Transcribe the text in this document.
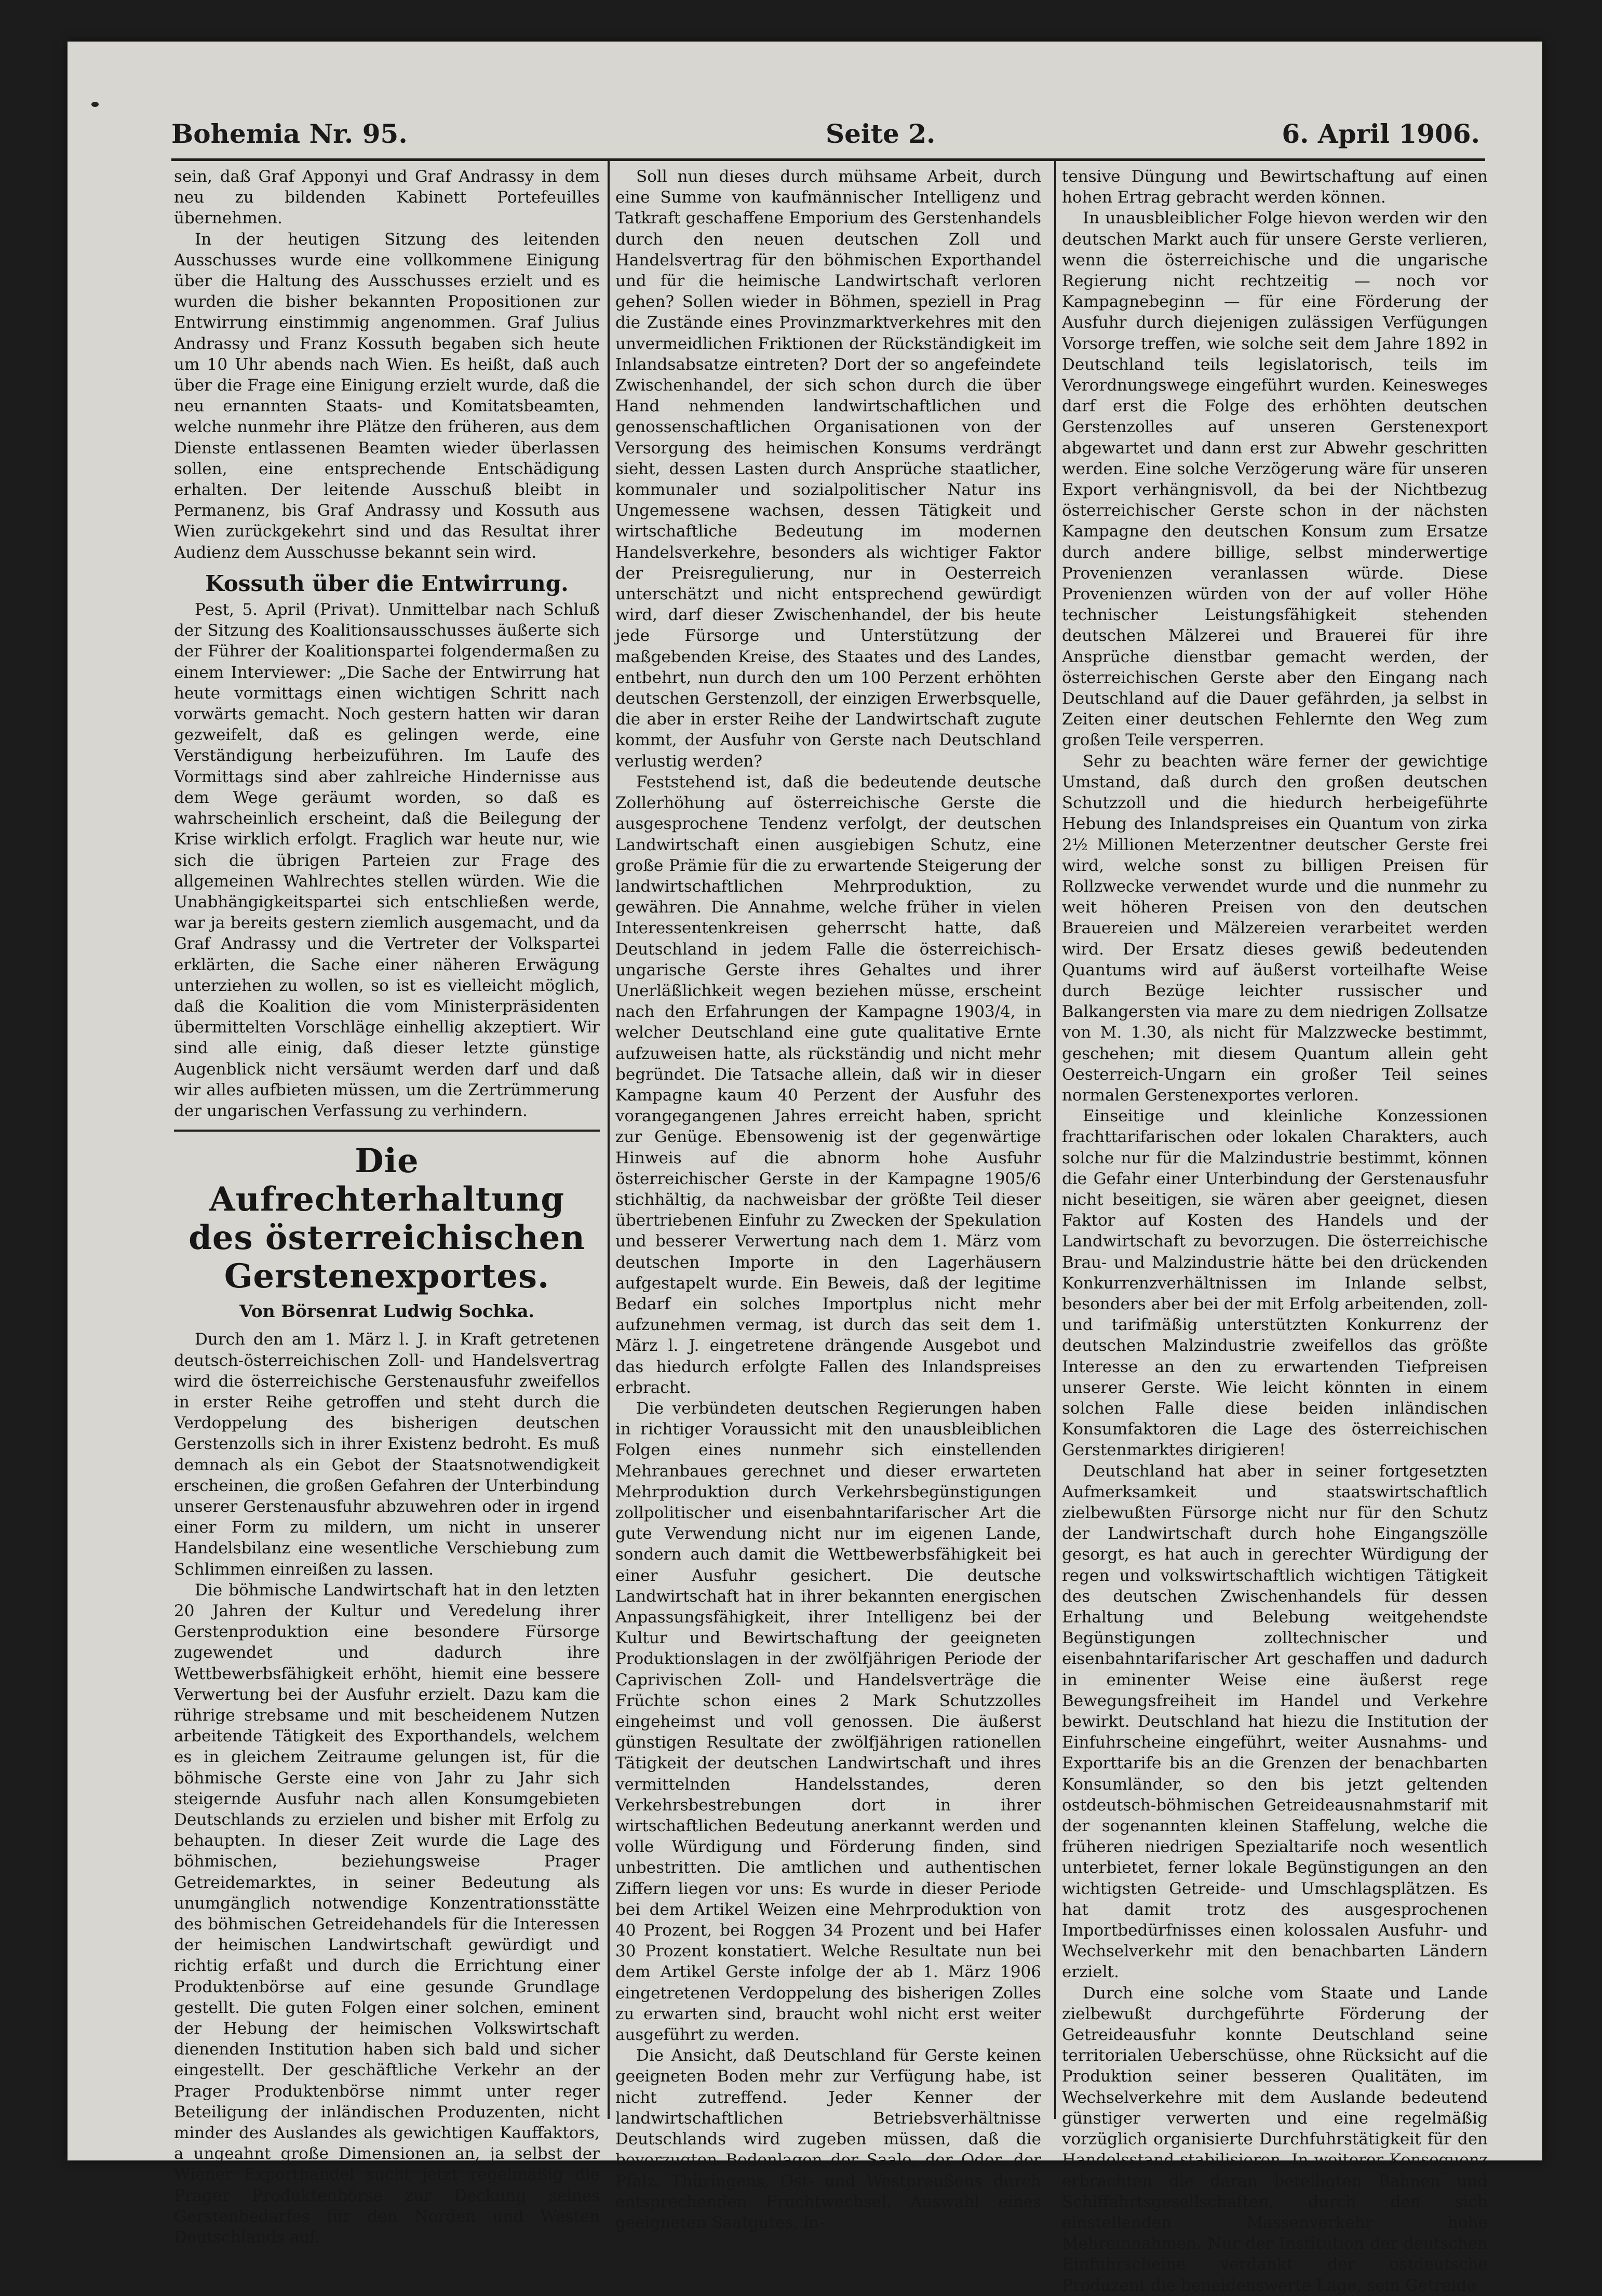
Bohemia Nr. 95.	Seite 2.	6. April 1906.

sein, daß Graf Apponyi und Graf Andrassy in dem neu zu bildenden Kabinett Portefeuilles übernehmen.

In der heutigen Sitzung des leitenden Ausschusses wurde eine vollkommene Einigung über die Haltung des Ausschusses erzielt und es wurden die bisher bekannten Propositionen zur Entwirrung einstimmig angenommen. Graf Julius Andrassy und Franz Kossuth begaben sich heute um 10 Uhr abends nach Wien. Es heißt, daß auch über die Frage eine Einigung erzielt wurde, daß die neu ernannten Staats- und Komitatsbeamten, welche nunmehr ihre Plätze den früheren, aus dem Dienste entlassenen Beamten wieder überlassen sollen, eine entsprechende Entschädigung erhalten. Der leitende Ausschuß bleibt in Permanenz, bis Graf Andrassy und Kossuth aus Wien zurückgekehrt sind und das Resultat ihrer Audienz dem Ausschusse bekannt sein wird.

Kossuth über die Entwirrung.

Pest, 5. April (Privat). Unmittelbar nach Schluß der Sitzung des Koalitionsausschusses äußerte sich der Führer der Koalitionspartei folgendermaßen zu einem Interviewer: „Die Sache der Entwirrung hat heute vormittags einen wichtigen Schritt nach vorwärts gemacht. Noch gestern hatten wir daran gezweifelt, daß es gelingen werde, eine Verständigung herbeizuführen. Im Laufe des Vormittags sind aber zahlreiche Hindernisse aus dem Wege geräumt worden, so daß es wahrscheinlich erscheint, daß die Beilegung der Krise wirklich erfolgt. Fraglich war heute nur, wie sich die übrigen Parteien zur Frage des allgemeinen Wahlrechtes stellen würden. Wie die Unabhängigkeitspartei sich entschließen werde, war ja bereits gestern ziemlich ausgemacht, und da Graf Andrassy und die Vertreter der Volkspartei erklärten, die Sache einer näheren Erwägung unterziehen zu wollen, so ist es vielleicht möglich, daß die Koalition die vom Ministerpräsidenten übermittelten Vorschläge einhellig akzeptiert. Wir sind alle einig, daß dieser letzte günstige Augenblick nicht versäumt werden darf und daß wir alles aufbieten müssen, um die Zertrümmerung der ungarischen Verfassung zu verhindern.

Die Aufrechterhaltung des österreichischen Gerstenexportes.

Von Börsenrat Ludwig Sochka.

Durch den am 1. März l. J. in Kraft getretenen deutsch-österreichischen Zoll- und Handelsvertrag wird die österreichische Gerstenausfuhr zweifellos in erster Reihe getroffen und steht durch die Verdoppelung des bisherigen deutschen Gerstenzolls sich in ihrer Existenz bedroht. Es muß demnach als ein Gebot der Staatsnotwendigkeit erscheinen, die großen Gefahren der Unterbindung unserer Gerstenausfuhr abzuwehren oder in irgend einer Form zu mildern, um nicht in unserer Handelsbilanz eine wesentliche Verschiebung zum Schlimmen einreißen zu lassen.

Die böhmische Landwirtschaft hat in den letzten 20 Jahren der Kultur und Veredelung ihrer Gerstenproduktion eine besondere Fürsorge zugewendet und dadurch ihre Wettbewerbsfähigkeit erhöht, hiemit eine bessere Verwertung bei der Ausfuhr erzielt. Dazu kam die rührige strebsame und mit bescheidenem Nutzen arbeitende Tätigkeit des Exporthandels, welchem es in gleichem Zeitraume gelungen ist, für die böhmische Gerste eine von Jahr zu Jahr sich steigernde Ausfuhr nach allen Konsumgebieten Deutschlands zu erzielen und bisher mit Erfolg zu behaupten. In dieser Zeit wurde die Lage des böhmischen, beziehungsweise Prager Getreidemarktes, in seiner Bedeutung als unumgänglich notwendige Konzentrationsstätte des böhmischen Getreidehandels für die Interessen der heimischen Landwirtschaft gewürdigt und richtig erfaßt und durch die Errichtung einer Produktenbörse auf eine gesunde Grundlage gestellt. Die guten Folgen einer solchen, eminent der Hebung der heimischen Volkswirtschaft dienenden Institution haben sich bald und sicher eingestellt. Der geschäftliche Verkehr an der Prager Produktenbörse nimmt unter reger Beteiligung der inländischen Produzenten, nicht minder des Auslandes als gewichtigen Kauffaktors, a ungeahnt große Dimensionen an, ja selbst der Wiener Exporthandel sucht jetzt regelmäßig die Prager Produktenbörse zur Deckung seines Gerstenbedarfes für den Norden und Westen Deutschlands auf.

Soll nun dieses durch mühsame Arbeit, durch eine Summe von kaufmännischer Intelligenz und Tatkraft geschaffene Emporium des Gerstenhandels durch den neuen deutschen Zoll und Handelsvertrag für den böhmischen Exporthandel und für die heimische Landwirtschaft verloren gehen? Sollen wieder in Böhmen, speziell in Prag die Zustände eines Provinzmarktverkehres mit den unvermeidlichen Friktionen der Rückständigkeit im Inlandsabsatze eintreten? Dort der so angefeindete Zwischenhandel, der sich schon durch die über Hand nehmenden landwirtschaftlichen und genossenschaftlichen Organisationen von der Versorgung des heimischen Konsums verdrängt sieht, dessen Lasten durch Ansprüche staatlicher, kommunaler und sozialpolitischer Natur ins Ungemessene wachsen, dessen Tätigkeit und wirtschaftliche Bedeutung im modernen Handelsverkehre, besonders als wichtiger Faktor der Preisregulierung, nur in Oesterreich unterschätzt und nicht entsprechend gewürdigt wird, darf dieser Zwischenhandel, der bis heute jede Fürsorge und Unterstützung der maßgebenden Kreise, des Staates und des Landes, entbehrt, nun durch den um 100 Perzent erhöhten deutschen Gerstenzoll, der einzigen Erwerbsquelle, die aber in erster Reihe der Landwirtschaft zugute kommt, der Ausfuhr von Gerste nach Deutschland verlustig werden?

Feststehend ist, daß die bedeutende deutsche Zollerhöhung auf österreichische Gerste die ausgesprochene Tendenz verfolgt, der deutschen Landwirtschaft einen ausgiebigen Schutz, eine große Prämie für die zu erwartende Steigerung der landwirtschaftlichen Mehrproduktion, zu gewähren. Die Annahme, welche früher in vielen Interessentenkreisen geherrscht hatte, daß Deutschland in jedem Falle die österreichisch-ungarische Gerste ihres Gehaltes und ihrer Unerläßlichkeit wegen beziehen müsse, erscheint nach den Erfahrungen der Kampagne 1903/4, in welcher Deutschland eine gute qualitative Ernte aufzuweisen hatte, als rückständig und nicht mehr begründet. Die Tatsache allein, daß wir in dieser Kampagne kaum 40 Perzent der Ausfuhr des vorangegangenen Jahres erreicht haben, spricht zur Genüge. Ebensowenig ist der gegenwärtige Hinweis auf die abnorm hohe Ausfuhr österreichischer Gerste in der Kampagne 1905/6 stichhältig, da nachweisbar der größte Teil dieser übertriebenen Einfuhr zu Zwecken der Spekulation und besserer Verwertung nach dem 1. März vom deutschen Importe in den Lagerhäusern aufgestapelt wurde. Ein Beweis, daß der legitime Bedarf ein solches Importplus nicht mehr aufzunehmen vermag, ist durch das seit dem 1. März l. J. eingetretene drängende Ausgebot und das hiedurch erfolgte Fallen des Inlandspreises erbracht.

Die verbündeten deutschen Regierungen haben in richtiger Voraussicht mit den unausbleiblichen Folgen eines nunmehr sich einstellenden Mehranbaues gerechnet und dieser erwarteten Mehrproduktion durch Verkehrsbegünstigungen zollpolitischer und eisenbahntarifarischer Art die gute Verwendung nicht nur im eigenen Lande, sondern auch damit die Wettbewerbsfähigkeit bei einer Ausfuhr gesichert. Die deutsche Landwirtschaft hat in ihrer bekannten energischen Anpassungsfähigkeit, ihrer Intelligenz bei der Kultur und Bewirtschaftung der geeigneten Produktionslagen in der zwölfjährigen Periode der Caprivischen Zoll- und Handelsverträge die Früchte schon eines 2 Mark Schutzzolles eingeheimst und voll genossen. Die äußerst günstigen Resultate der zwölfjährigen rationellen Tätigkeit der deutschen Landwirtschaft und ihres vermittelnden Handelsstandes, deren Verkehrsbestrebungen dort in ihrer wirtschaftlichen Bedeutung anerkannt werden und volle Würdigung und Förderung finden, sind unbestritten. Die amtlichen und authentischen Ziffern liegen vor uns: Es wurde in dieser Periode bei dem Artikel Weizen eine Mehrproduktion von 40 Prozent, bei Roggen 34 Prozent und bei Hafer 30 Prozent konstatiert. Welche Resultate nun bei dem Artikel Gerste infolge der ab 1. März 1906 eingetretenen Verdoppelung des bisherigen Zolles zu erwarten sind, braucht wohl nicht erst weiter ausgeführt zu werden.

Die Ansicht, daß Deutschland für Gerste keinen geeigneten Boden mehr zur Verfügung habe, ist nicht zutreffend. Jeder Kenner der landwirtschaftlichen Betriebsverhältnisse Deutschlands wird zugeben müssen, daß die bevorzugten Bodenlagen der Saale, der Oder, der Pfalz, Thüringens, Ost- und Westpreußens durch entsprechenden Fruchtwechsel, Auswahl eines geeigneten Saatgutes, in-

tensive Düngung und Bewirtschaftung auf einen hohen Ertrag gebracht werden können.

In unausbleiblicher Folge hievon werden wir den deutschen Markt auch für unsere Gerste verlieren, wenn die österreichische und die ungarische Regierung nicht rechtzeitig — noch vor Kampagnebeginn — für eine Förderung der Ausfuhr durch diejenigen zulässigen Verfügungen Vorsorge treffen, wie solche seit dem Jahre 1892 in Deutschland teils legislatorisch, teils im Verordnungswege eingeführt wurden. Keinesweges darf erst die Folge des erhöhten deutschen Gerstenzolles auf unseren Gerstenexport abgewartet und dann erst zur Abwehr geschritten werden. Eine solche Verzögerung wäre für unseren Export verhängnisvoll, da bei der Nichtbezug österreichischer Gerste schon in der nächsten Kampagne den deutschen Konsum zum Ersatze durch andere billige, selbst minderwertige Provenienzen veranlassen würde. Diese Provenienzen würden von der auf voller Höhe technischer Leistungsfähigkeit stehenden deutschen Mälzerei und Brauerei für ihre Ansprüche dienstbar gemacht werden, der österreichischen Gerste aber den Eingang nach Deutschland auf die Dauer gefährden, ja selbst in Zeiten einer deutschen Fehlernte den Weg zum großen Teile versperren.

Sehr zu beachten wäre ferner der gewichtige Umstand, daß durch den großen deutschen Schutzzoll und die hiedurch herbeigeführte Hebung des Inlandspreises ein Quantum von zirka 2½ Millionen Meterzentner deutscher Gerste frei wird, welche sonst zu billigen Preisen für Rollzwecke verwendet wurde und die nunmehr zu weit höheren Preisen von den deutschen Brauereien und Mälzereien verarbeitet werden wird. Der Ersatz dieses gewiß bedeutenden Quantums wird auf äußerst vorteilhafte Weise durch Bezüge leichter russischer und Balkangersten via mare zu dem niedrigen Zollsatze von M. 1.30, als nicht für Malzzwecke bestimmt, geschehen; mit diesem Quantum allein geht Oesterreich-Ungarn ein großer Teil seines normalen Gerstenexportes verloren.

Einseitige und kleinliche Konzessionen frachttarifarischen oder lokalen Charakters, auch solche nur für die Malzindustrie bestimmt, können die Gefahr einer Unterbindung der Gerstenausfuhr nicht beseitigen, sie wären aber geeignet, diesen Faktor auf Kosten des Handels und der Landwirtschaft zu bevorzugen. Die österreichische Brau- und Malzindustrie hätte bei den drückenden Konkurrenzverhältnissen im Inlande selbst, besonders aber bei der mit Erfolg arbeitenden, zoll- und tarifmäßig unterstützten Konkurrenz der deutschen Malzindustrie zweifellos das größte Interesse an den zu erwartenden Tiefpreisen unserer Gerste. Wie leicht könnten in einem solchen Falle diese beiden inländischen Konsumfaktoren die Lage des österreichischen Gerstenmarktes dirigieren!

Deutschland hat aber in seiner fortgesetzten Aufmerksamkeit und staatswirtschaftlich zielbewußten Fürsorge nicht nur für den Schutz der Landwirtschaft durch hohe Eingangszölle gesorgt, es hat auch in gerechter Würdigung der regen und volkswirtschaftlich wichtigen Tätigkeit des deutschen Zwischenhandels für dessen Erhaltung und Belebung weitgehendste Begünstigungen zolltechnischer und eisenbahntarifarischer Art geschaffen und dadurch in eminenter Weise eine äußerst rege Bewegungsfreiheit im Handel und Verkehre bewirkt. Deutschland hat hiezu die Institution der Einfuhrscheine eingeführt, weiter Ausnahms- und Exporttarife bis an die Grenzen der benachbarten Konsumländer, so den bis jetzt geltenden ostdeutsch-böhmischen Getreideausnahmstarif mit der sogenannten kleinen Staffelung, welche die früheren niedrigen Spezialtarife noch wesentlich unterbietet, ferner lokale Begünstigungen an den wichtigsten Getreide- und Umschlagsplätzen. Es hat damit trotz des ausgesprochenen Importbedürfnisses einen kolossalen Ausfuhr- und Wechselverkehr mit den benachbarten Ländern erzielt.

Durch eine solche vom Staate und Lande zielbewußt durchgeführte Förderung der Getreideausfuhr konnte Deutschland seine territorialen Ueberschüsse, ohne Rücksicht auf die Produktion seiner besseren Qualitäten, im Wechselverkehre mit dem Auslande bedeutend günstiger verwerten und eine regelmäßig vorzüglich organisierte Durchfuhrstätigkeit für den Handelsstand stabilisieren. In weiterer Konsequenz erbrachten die daran beteiligten Bahnen und Schiffahrtsgesellschaften, durch den sich einstellenden Massenverkehr hohe Mehreinnahmen. Nur der Institution der deutschen Einfuhrscheine verdankt der ostdeutsche Produzent die beneidenswerte Lage, sein Getreide
